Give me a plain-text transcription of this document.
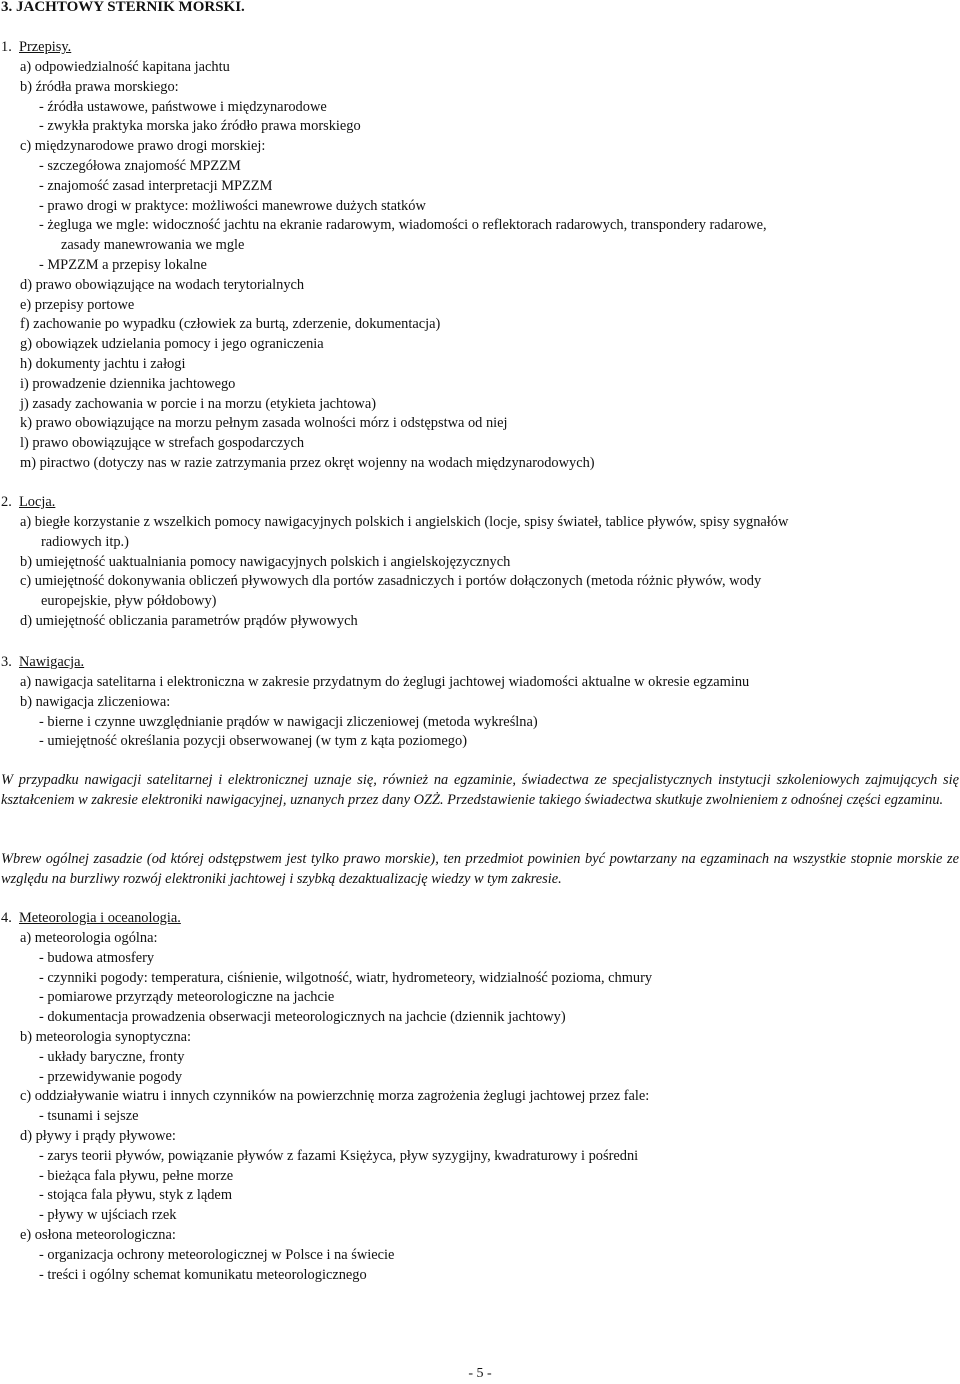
3. JACHTOWY STERNIK MORSKI.
1. Przepisy.
a) odpowiedzialność kapitana jachtu
b) źródła prawa morskiego:
- źródła ustawowe, państwowe i międzynarodowe
- zwykła praktyka morska jako źródło prawa morskiego
c) międzynarodowe prawo drogi morskiej:
- szczegółowa znajomość MPZZM
- znajomość zasad interpretacji MPZZM
- prawo drogi w praktyce: możliwości manewrowe dużych statków
- żegluga we mgle: widoczność jachtu na ekranie radarowym, wiadomości o reflektorach radarowych, transpondery radarowe,
zasady manewrowania we mgle
- MPZZM a przepisy lokalne
d) prawo obowiązujące na wodach terytorialnych
e) przepisy portowe
f) zachowanie po wypadku (człowiek za burtą, zderzenie, dokumentacja)
g) obowiązek udzielania pomocy i jego ograniczenia
h) dokumenty jachtu i załogi
i) prowadzenie dziennika jachtowego
j) zasady zachowania w porcie i na morzu (etykieta jachtowa)
k) prawo obowiązujące na morzu pełnym zasada wolności mórz i odstępstwa od niej
l) prawo obowiązujące w strefach gospodarczych
m) piractwo (dotyczy nas w razie zatrzymania przez okręt wojenny na wodach międzynarodowych)
2. Locja.
a) biegłe korzystanie z wszelkich pomocy nawigacyjnych polskich i angielskich (locje, spisy świateł, tablice pływów, spisy sygnałów
radiowych itp.)
b) umiejętność uaktualniania pomocy nawigacyjnych polskich i angielskojęzycznych
c) umiejętność dokonywania obliczeń pływowych dla portów zasadniczych i portów dołączonych (metoda różnic pływów, wody
europejskie, pływ półdobowy)
d) umiejętność obliczania parametrów prądów pływowych
3. Nawigacja.
a) nawigacja satelitarna i elektroniczna w zakresie przydatnym do żeglugi jachtowej wiadomości aktualne w okresie egzaminu
b) nawigacja zliczeniowa:
- bierne i czynne uwzględnianie prądów w nawigacji zliczeniowej (metoda wykreślna)
- umiejętność określania pozycji obserwowanej (w tym z kąta poziomego)
W przypadku nawigacji satelitarnej i elektronicznej uznaje się, również na egzaminie, świadectwa ze specjalistycznych instytucji szkoleniowych zajmujących się kształceniem w zakresie elektroniki nawigacyjnej, uznanych przez dany OZŻ. Przedstawienie takiego świadectwa skutkuje zwolnieniem z odnośnej części egzaminu.
Wbrew ogólnej zasadzie (od której odstępstwem jest tylko prawo morskie), ten przedmiot powinien być powtarzany na egzaminach na wszystkie stopnie morskie ze względu na burzliwy rozwój elektroniki jachtowej i szybką dezaktualizację wiedzy w tym zakresie.
4. Meteorologia i oceanologia.
a) meteorologia ogólna:
- budowa atmosfery
- czynniki pogody: temperatura, ciśnienie, wilgotność, wiatr, hydrometeory, widzialność pozioma, chmury
- pomiarowe przyrządy meteorologiczne na jachcie
- dokumentacja prowadzenia obserwacji meteorologicznych na jachcie (dziennik jachtowy)
b) meteorologia synoptyczna:
- układy baryczne, fronty
- przewidywanie pogody
c) oddziaływanie wiatru i innych czynników na powierzchnię morza zagrożenia żeglugi jachtowej przez fale:
- tsunami i sejsze
d) pływy i prądy pływowe:
- zarys teorii pływów, powiązanie pływów z fazami Księżyca, pływ syzygijny, kwadraturowy i pośredni
- bieżąca fala pływu, pełne morze
- stojąca fala pływu, styk z lądem
- pływy w ujściach rzek
e) osłona meteorologiczna:
- organizacja ochrony meteorologicznej w Polsce i na świecie
- treści i ogólny schemat komunikatu meteorologicznego
- 5 -
